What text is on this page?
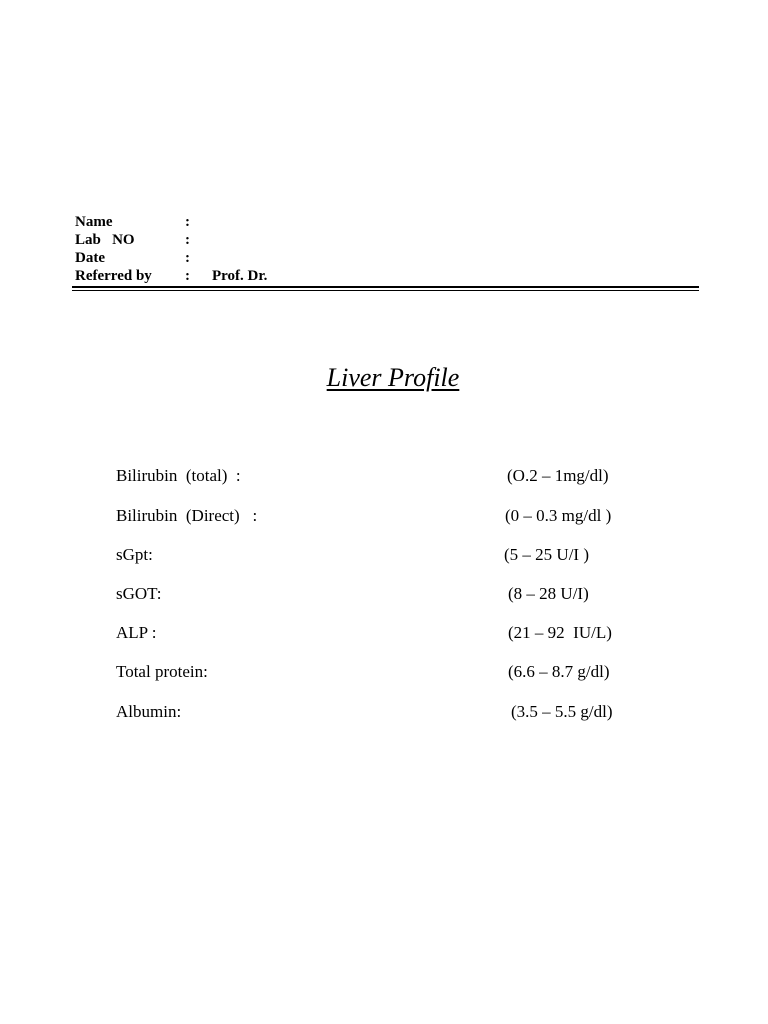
Name	:
Lab   NO	:
Date	:
Referred by : Prof. Dr.
Liver Profile
Bilirubin  (total)  :	(O.2 – 1mg/dl)
Bilirubin  (Direct)   :	(0 – 0.3 mg/dl )
sGpt:	(5 – 25 U/I )
sGOT:	(8 – 28 U/I)
ALP :	(21 – 92  IU/L)
Total protein:	(6.6 – 8.7 g/dl)
Albumin:	(3.5 – 5.5 g/dl)
